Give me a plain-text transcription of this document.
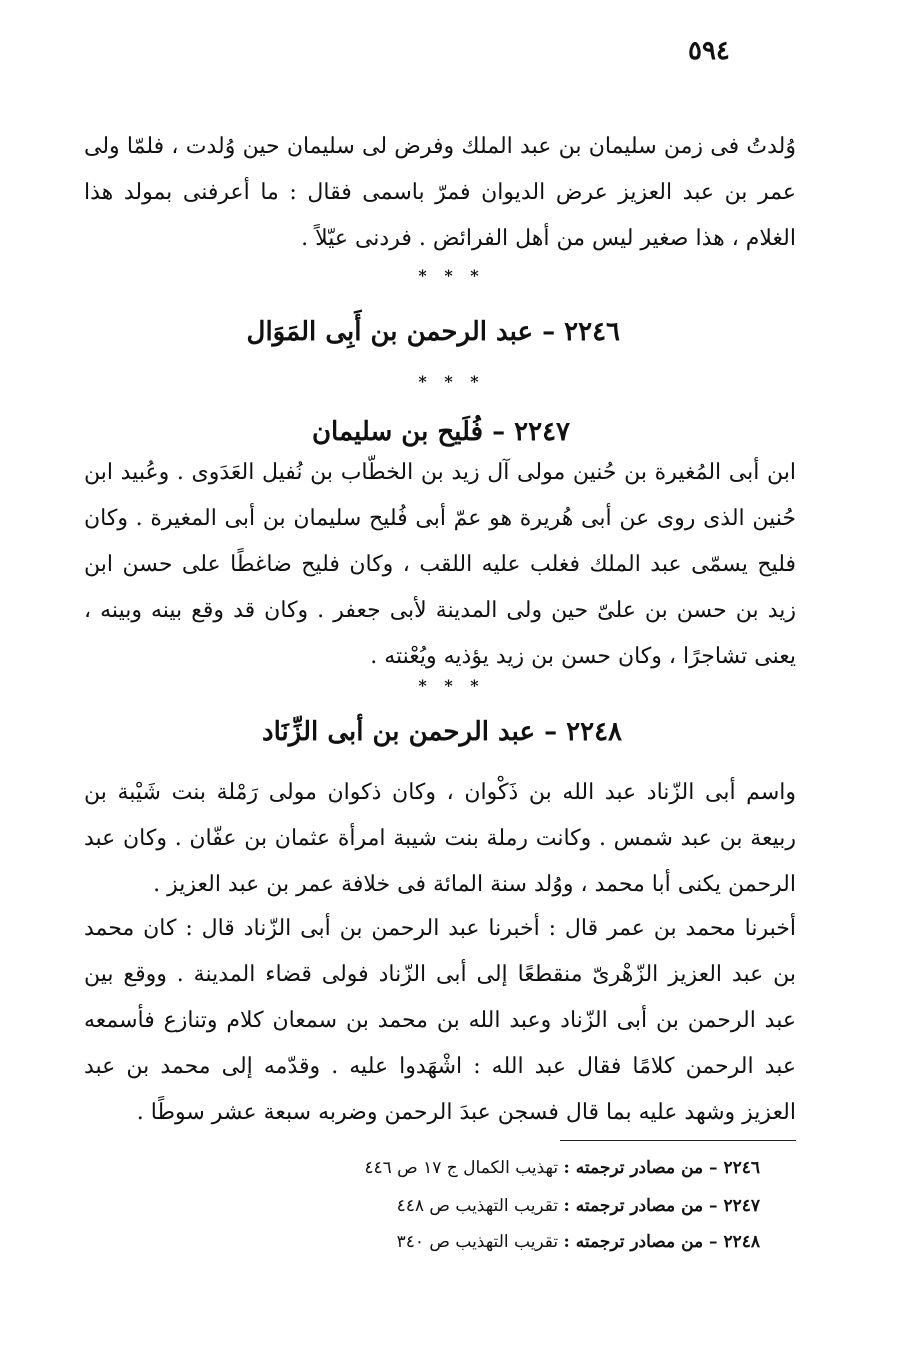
٥٩٤
وُلدتُ فى زمن سليمان بن عبد الملك وفرض لى سليمان حين وُلدت ، فلمّا ولى عمر بن عبد العزيز عرض الديوان فمرّ باسمى فقال : ما أعرفنى بمولد هذا الغلام ، هذا صغير ليس من أهل الفرائض . فردنى عيّلاً .
* * *
٢٢٤٦ – عبد الرحمن بن أَبِى المَوَال
* * *
٢٢٤٧ – فُلَيح بن سليمان
ابن أبى المُغيرة بن حُنين مولى آل زيد بن الخطّاب بن نُفيل العَدَوى . وعُبيد ابن حُنين الذى روى عن أبى هُريرة هو عمّ أبى فُليح سليمان بن أبى المغيرة . وكان فليح يسمّى عبد الملك فغلب عليه اللقب ، وكان فليح ضاغطًا على حسن ابن زيد بن حسن بن علىّ حين ولى المدينة لأبى جعفر . وكان قد وقع بينه وبينه ، يعنى تشاجرًا ، وكان حسن بن زيد يؤذيه ويُعْنته .
* * *
٢٢٤٨ – عبد الرحمن بن أبى الزِّنَاد
واسم أبى الزّناد عبد الله بن ذَكْوان ، وكان ذكوان مولى رَمْلة بنت شَيْبة بن ربيعة بن عبد شمس . وكانت رملة بنت شيبة امرأة عثمان بن عفّان . وكان عبد الرحمن يكنى أبا محمد ، ووُلد سنة المائة فى خلافة عمر بن عبد العزيز .
أخبرنا محمد بن عمر قال : أخبرنا عبد الرحمن بن أبى الزّناد قال : كان محمد بن عبد العزيز الزّهْرىّ منقطعًا إلى أبى الزّناد فولى قضاء المدينة . ووقع بين عبد الرحمن بن أبى الزّناد وعبد الله بن محمد بن سمعان كلام وتنازع فأسمعه عبد الرحمن كلامًا فقال عبد الله : اشْهَدوا عليه . وقدّمه إلى محمد بن عبد العزيز وشهد عليه بما قال فسجن عبدَ الرحمن وضربه سبعة عشر سوطًا .
٢٢٤٦ – من مصادر ترجمته : تهذيب الكمال ج ١٧ ص ٤٤٦
٢٢٤٧ – من مصادر ترجمته : تقريب التهذيب ص ٤٤٨
٢٢٤٨ – من مصادر ترجمته : تقريب التهذيب ص ٣٤٠
